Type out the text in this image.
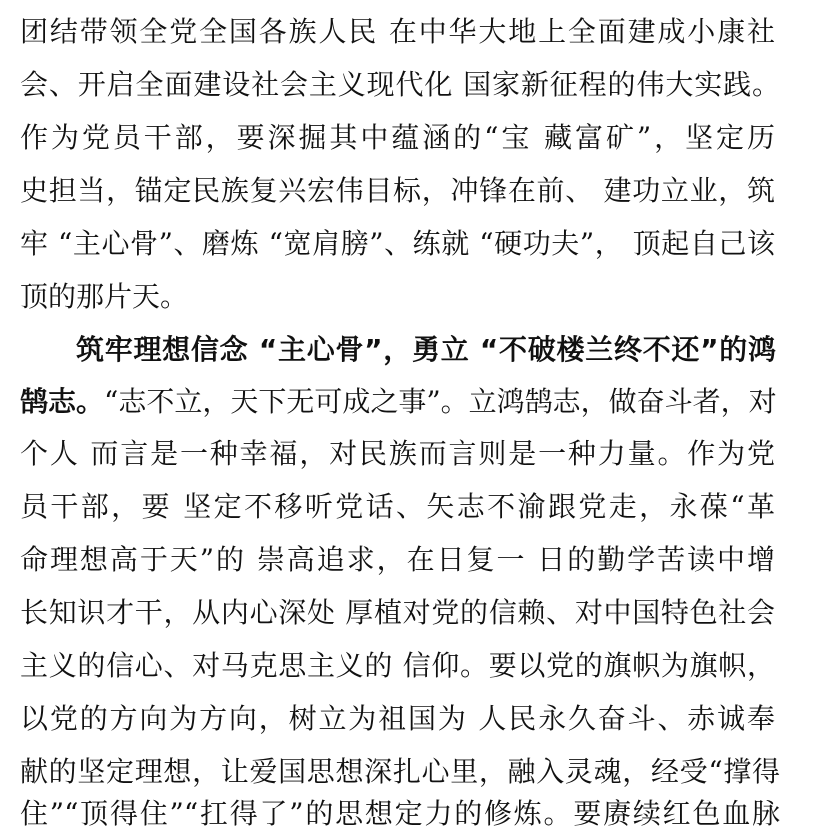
团结带领全党全国各族人民 在中华大地上全面建成小康社
会、开启全面建设社会主义现代化 国家新征程的伟大实践。
作为党员干部，要深掘其中蕴涵的“宝 藏富矿”，坚定历
史担当，锚定民族复兴宏伟目标，冲锋在前、 建功立业，筑
牢 “主心骨”、磨炼 “宽肩膀”、练就 “硬功夫”， 顶起自己该
顶的那片天。
筑牢理想信念 “主心骨”，勇立 “不破楼兰终不还”的鸿
鹄志。“志不立，天下无可成之事”。立鸿鹄志，做奋斗者，对
个人 而言是一种幸福，对民族而言则是一种力量。作为党
员干部，要 坚定不移听党话、矢志不渝跟党走，永葆“革
命理想高于天”的 崇高追求，在日复一 日的勤学苦读中增
长知识才干，从内心深处 厚植对党的信赖、对中国特色社会
主义的信心、对马克思主义的 信仰。要以党的旗帜为旗帜，
以党的方向为方向，树立为祖国为 人民永久奋斗、赤诚奉
献的坚定理想，让爱国思想深扎心里，融入灵魂，经受“撑得
住”“顶得住”“扛得了”的思想定力的修炼。要赓续红色血脉
